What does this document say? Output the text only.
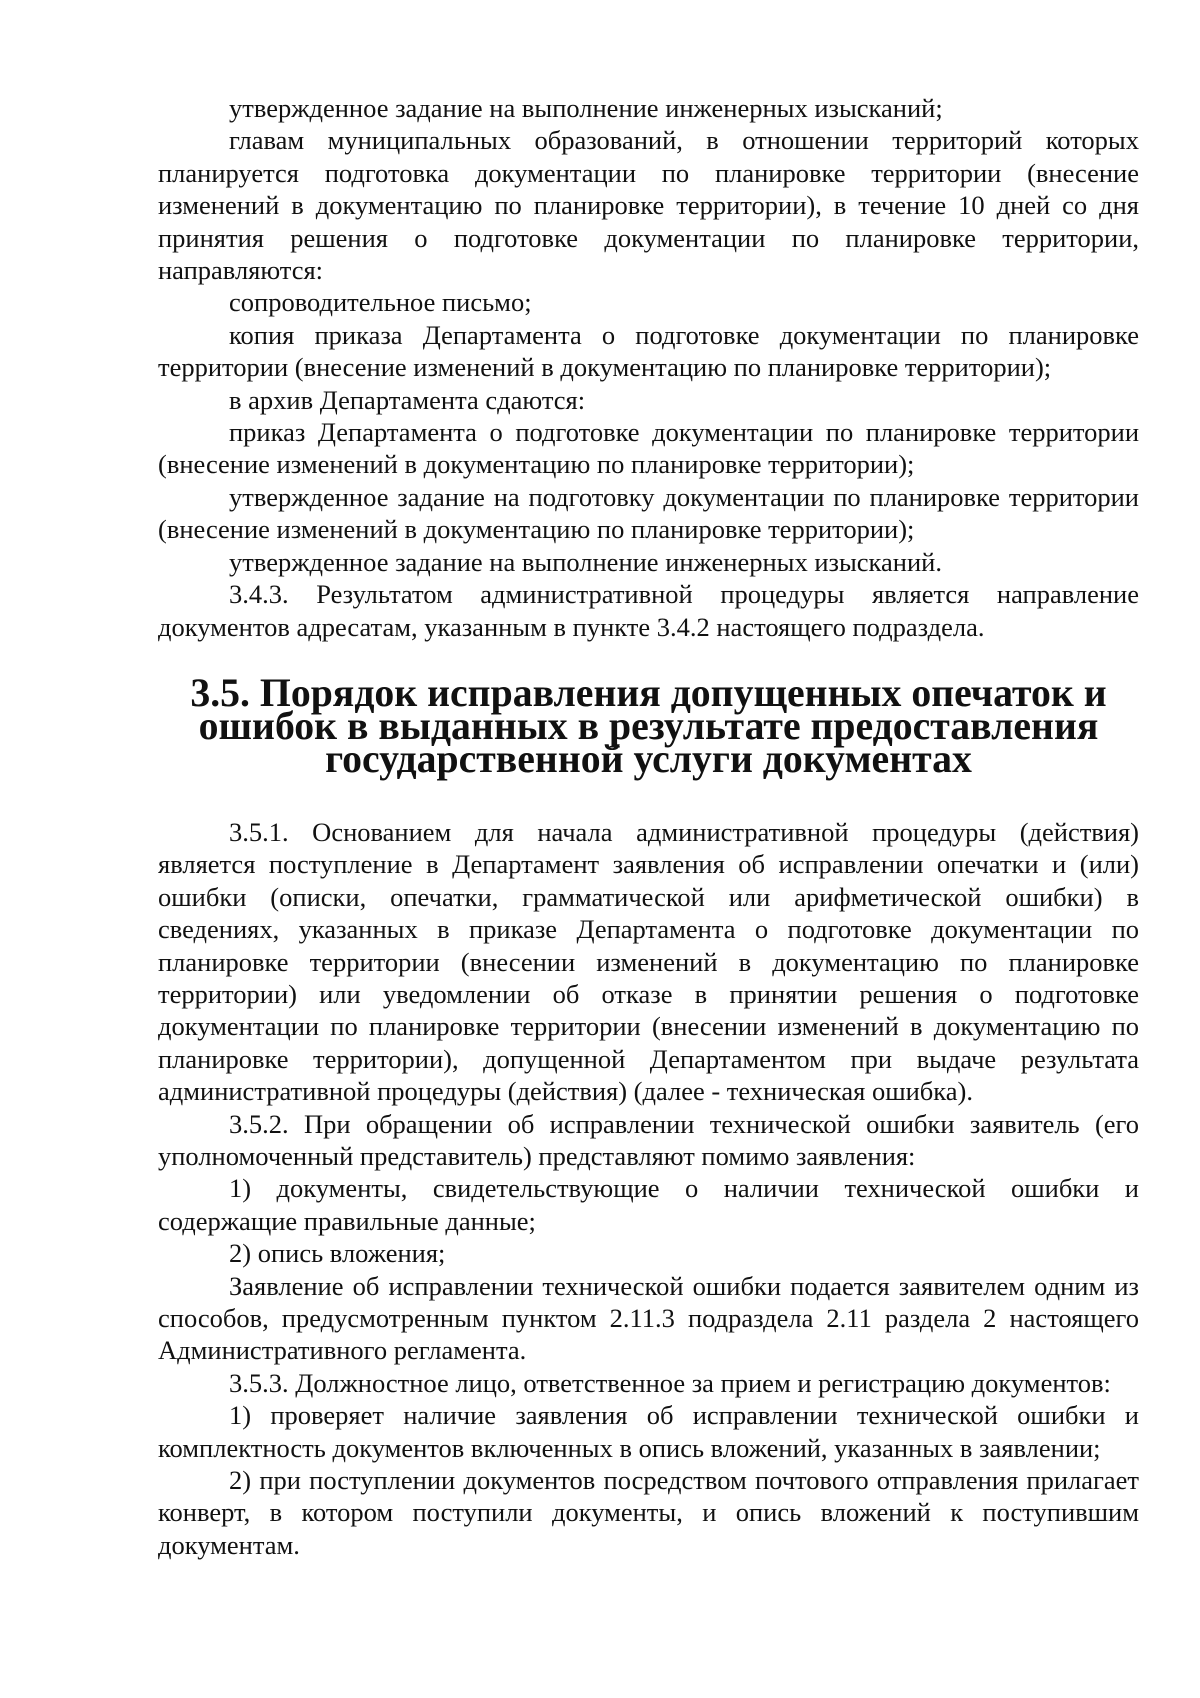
утвержденное задание на выполнение инженерных изысканий;

главам муниципальных образований, в отношении территорий которых планируется подготовка документации по планировке территории (внесение изменений в документацию по планировке территории), в течение 10 дней со дня принятия решения о подготовке документации по планировке территории, направляются:

сопроводительное письмо;

копия приказа Департамента о подготовке документации по планировке территории (внесение изменений в документацию по планировке территории);

в архив Департамента сдаются:

приказ Департамента о подготовке документации по планировке территории (внесение изменений в документацию по планировке территории);

утвержденное задание на подготовку документации по планировке территории (внесение изменений в документацию по планировке территории);

утвержденное задание на выполнение инженерных изысканий.

3.4.3. Результатом административной процедуры является направление документов адресатам, указанным в пункте 3.4.2 настоящего подраздела.

3.5. Порядок исправления допущенных опечаток и ошибок в выданных в результате предоставления государственной услуги документах

3.5.1. Основанием для начала административной процедуры (действия) является поступление в Департамент заявления об исправлении опечатки и (или) ошибки (описки, опечатки, грамматической или арифметической ошибки) в сведениях, указанных в приказе Департамента о подготовке документации по планировке территории (внесении изменений в документацию по планировке территории) или уведомлении об отказе в принятии решения о подготовке документации по планировке территории (внесении изменений в документацию по планировке территории), допущенной Департаментом при выдаче результата административной процедуры (действия) (далее - техническая ошибка).

3.5.2. При обращении об исправлении технической ошибки заявитель (его уполномоченный представитель) представляют помимо заявления:

1) документы, свидетельствующие о наличии технической ошибки и содержащие правильные данные;

2) опись вложения;

Заявление об исправлении технической ошибки подается заявителем одним из способов, предусмотренным пунктом 2.11.3 подраздела 2.11 раздела 2 настоящего Административного регламента.

3.5.3. Должностное лицо, ответственное за прием и регистрацию документов:

1) проверяет наличие заявления об исправлении технической ошибки и комплектность документов включенных в опись вложений, указанных в заявлении;

2) при поступлении документов посредством почтового отправления прилагает конверт, в котором поступили документы, и опись вложений к поступившим документам.
